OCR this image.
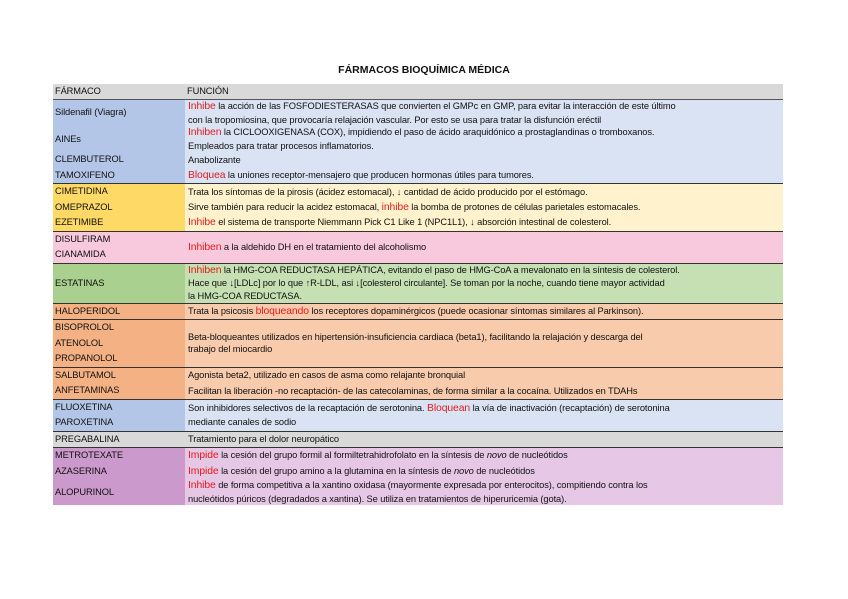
FÁRMACOS BIOQUÍMICA MÉDICA
FÁRMACO	FUNCIÓN

Sildenafil (Viagra)	Inhibe la acción de las FOSFODIESTERASAS que convierten el GMPc en GMP, para evitar la interacción de este último
con la tropomiosina, que provocaría relajación vascular. Por esto se usa para tratar la disfunción eréctil

AINEs	Inhiben la CICLOOXIGENASA (COX), impidiendo el paso de ácido araquidónico a prostaglandinas o tromboxanos.
Empleados para tratar procesos inflamatorios.

CLEMBUTEROL	Anabolizante

TAMOXIFENO	Bloquea la uniones receptor-mensajero que producen hormonas útiles para tumores.

CIMETIDINA	Trata los síntomas de la pirosis (ácidez estomacal), ↓ cantidad de ácido producido por el estómago.

OMEPRAZOL	Sirve también para reducir la acidez estomacal, inhibe la bomba de protones de células parietales estomacales.

EZETIMIBE	Inhibe el sistema de transporte Niemmann Pick C1 Like 1 (NPC1L1), ↓ absorción intestinal de colesterol.

DISULFIRAM
CIANAMIDA	Inhiben a la aldehido DH en el tratamiento del alcoholismo

ESTATINAS	Inhiben la HMG-COA REDUCTASA HEPÁTICA, evitando el paso de HMG-CoA a mevalonato en la síntesis de colesterol.
Hace que ↓[LDLc] por lo que ↑R-LDL, asi ↓[colesterol circulante]. Se toman por la noche, cuando tiene mayor actividad
la HMG-COA REDUCTASA.

HALOPERIDOL	Trata la psicosis bloqueando los receptores dopaminérgicos (puede ocasionar síntomas similares al Parkinson).

BISOPROLOL
ATENOLOL
PROPANOLOL	Beta-bloqueantes utilizados en hipertensión-insuficiencia cardiaca (beta1), facilitando la relajación y descarga del
trabajo del miocardio

SALBUTAMOL	Agonista beta2, utilizado en casos de asma como relajante bronquial

ANFETAMINAS	Facilitan la liberación -no recaptación- de las catecolaminas, de forma similar a la cocaína. Utilizados en TDAHs

FLUOXETINA
PAROXETINA	Son inhibidores selectivos de la recaptación de serotonina. Bloquean la vía de inactivación (recaptación) de serotonina
mediante canales de sodio

PREGABALINA	Tratamiento para el dolor neuropático

METROTEXATE	Impide la cesión del grupo formil al formiltetrahidrofolato en la síntesis de novo de nucleótidos

AZASERINA	Impide la cesión del grupo amino a la glutamina en la síntesis de novo de nucleótidos

ALOPURINOL	Inhibe de forma competitiva a la xantino oxidasa (mayormente expresada por enterocitos), compitiendo contra los
nucleótidos púricos (degradados a xantina). Se utiliza en tratamientos de hiperuricemia (gota).
